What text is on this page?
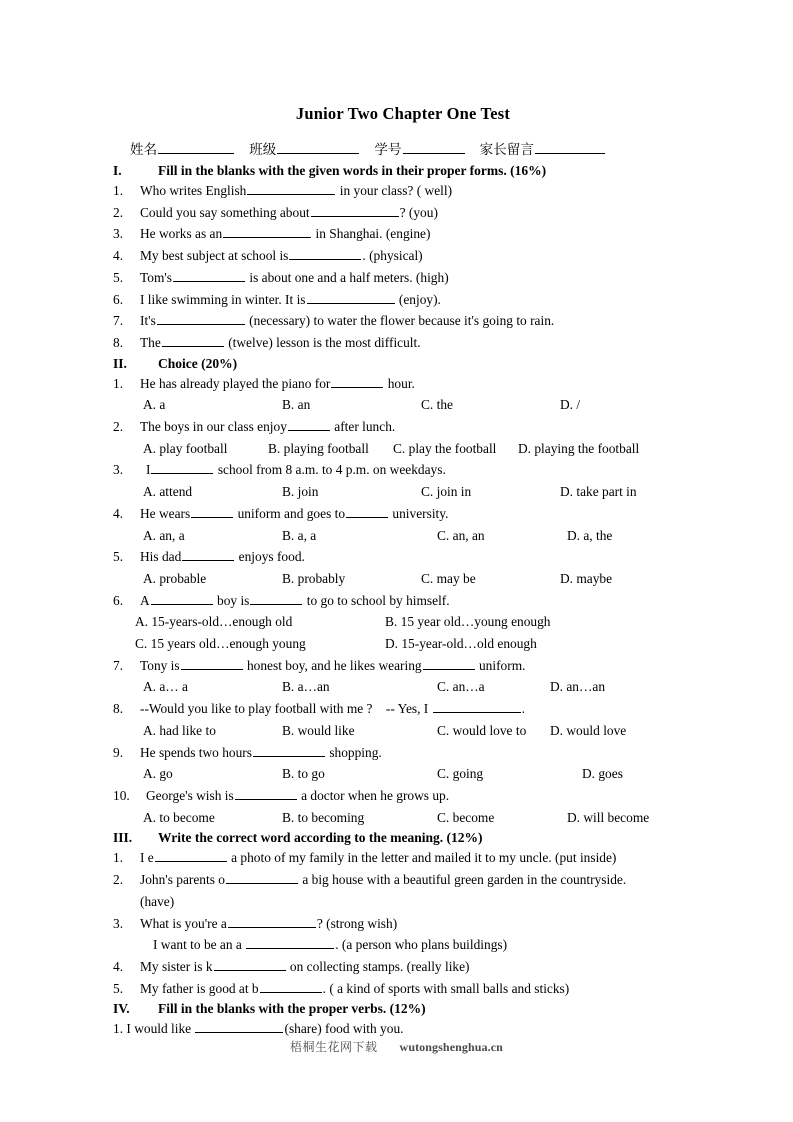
Junior Two Chapter One Test
姓名	班级	学号	家长留言
I.	Fill in the blanks with the given words in their proper forms. (16%)
1.	Who writes English	in your class? ( well)
2.	Could you say something about	? (you)
3.	He works as an	in Shanghai. (engine)
4.	My best subject at school is	. (physical)
5.	Tom's	is about one and a half meters. (high)
6.	I like swimming in winter. It is	(enjoy).
7.	It's	(necessary) to water the flower because it's going to rain.
8.	The	(twelve) lesson is the most difficult.
II.	Choice (20%)
1.	He has already played the piano for	hour.
A. a	B. an	C. the	D. /
2.	The boys in our class enjoy	after lunch.
A. play football	B. playing football	C. play the football	D. playing the football
3.	I	school from 8 a.m. to 4 p.m. on weekdays.
A. attend	B. join	C. join in	D. take part in
4.	He wears	uniform and goes to	university.
A. an, a	B. a, a	C. an, an	D. a, the
5.	His dad	enjoys food.
A. probable	B. probably	C. may be	D. maybe
6.	A	boy is	to go to school by himself.
A. 15-years-old…enough old	B. 15 year old…young enough
C. 15 years old…enough young	D. 15-year-old…old enough
7.	Tony is	honest boy, and he likes wearing	uniform.
A. a… a	B. a…an	C. an…a	D. an…an
8.	--Would you like to play football with me ? -- Yes, I	.
A. had like to	B. would like	C. would love to	D. would love
9.	He spends two hours	shopping.
A. go	B. to go	C. going	D. goes
10.	George's wish is	a doctor when he grows up.
A. to become	B. to becoming	C. become	D. will become
III.	Write the correct word according to the meaning. (12%)
1.	I e	a photo of my family in the letter and mailed it to my uncle. (put inside)
2.	John's parents o	a big house with a beautiful green garden in the countryside.
(have)
3.	What is you're a	? (strong wish)
I want to be an a	. (a person who plans buildings)
4.	My sister is k	on collecting stamps. (really like)
5.	My father is good at b	. ( a kind of sports with small balls and sticks)
IV.	Fill in the blanks with the proper verbs. (12%)
1. I would like	(share) food with you.
梧桐生花网下载 wutongshenghua.cn
